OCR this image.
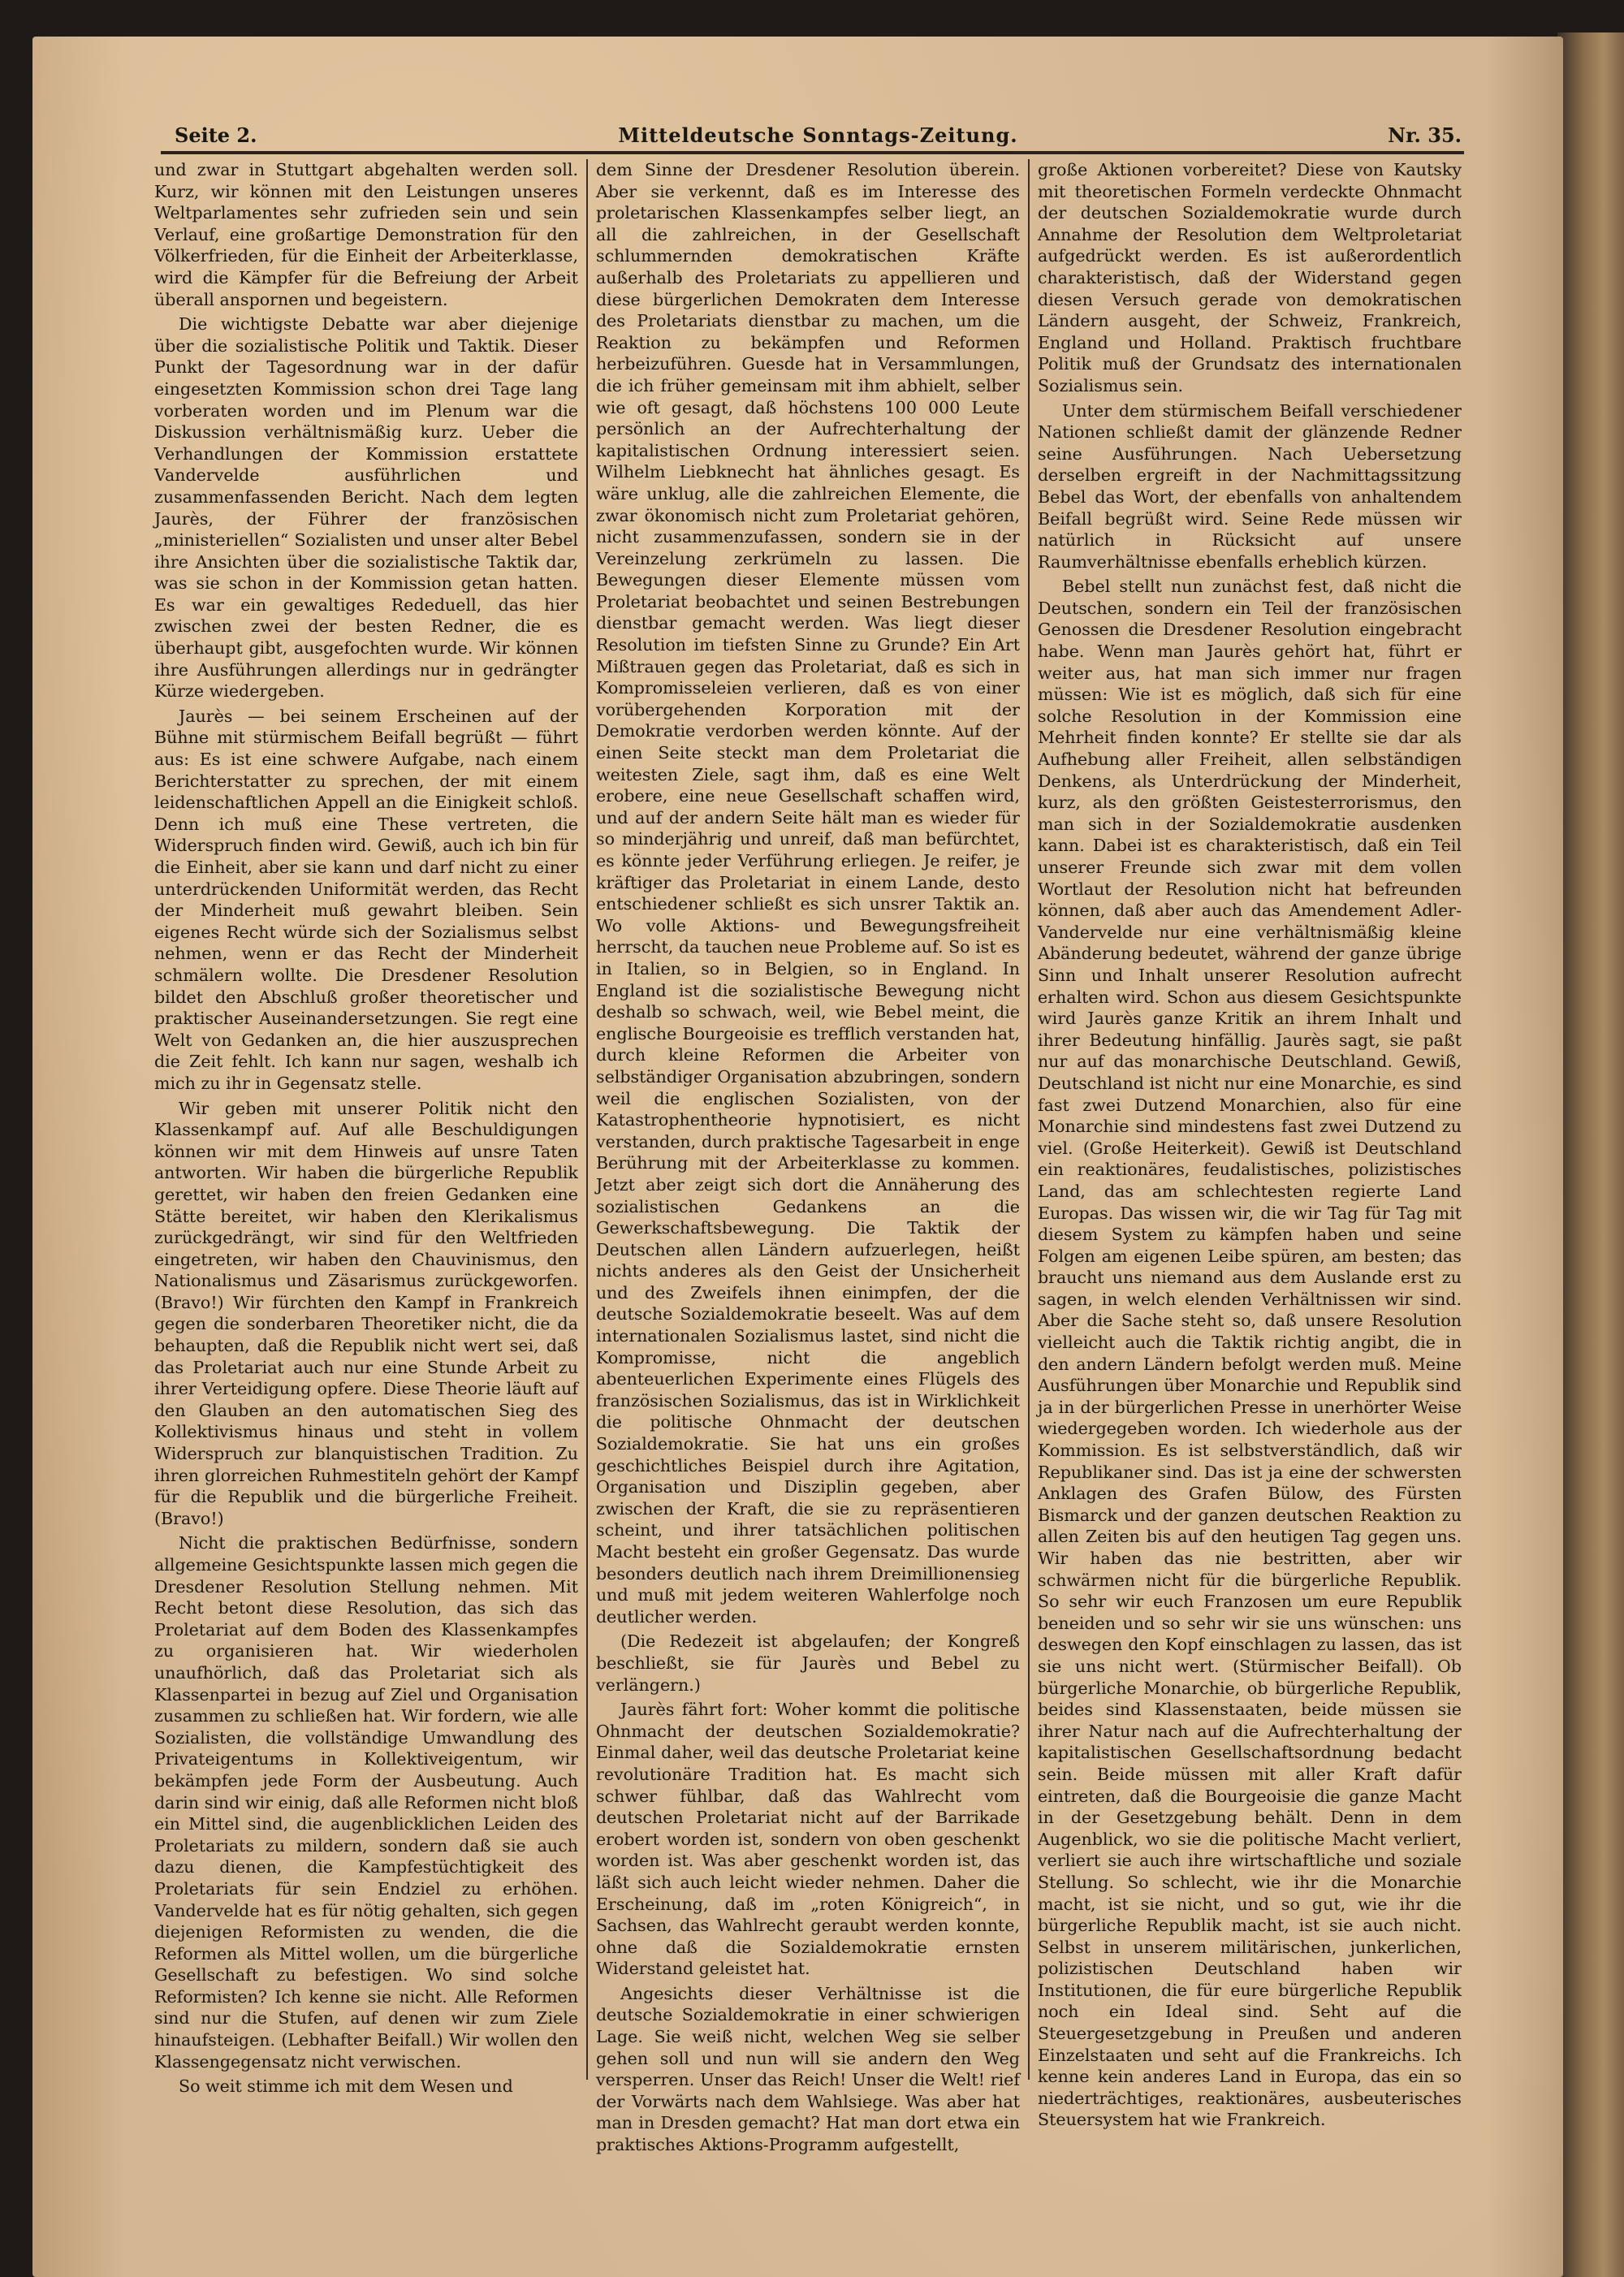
Seite 2.	Mitteldeutsche Sonntags-Zeitung.	Nr. 35.

und zwar in Stuttgart abgehalten werden soll. Kurz, wir können mit den Leistungen unseres Weltparlamentes sehr zufrieden sein und sein Verlauf, eine großartige Demonstration für den Völkerfrieden, für die Einheit der Arbeiterklasse, wird die Kämpfer für die Befreiung der Arbeit überall anspornen und begeistern.

Die wichtigste Debatte war aber diejenige über die sozialistische Politik und Taktik. Dieser Punkt der Tagesordnung war in der dafür eingesetzten Kommission schon drei Tage lang vorberaten worden und im Plenum war die Diskussion verhältnismäßig kurz. Ueber die Verhandlungen der Kommission erstattete Vandervelde ausführlichen und zusammenfassenden Bericht. Nach dem legten Jaurès, der Führer der französischen „ministeriellen“ Sozialisten und unser alter Bebel ihre Ansichten über die sozialistische Taktik dar, was sie schon in der Kommission getan hatten. Es war ein gewaltiges Rededuell, das hier zwischen zwei der besten Redner, die es überhaupt gibt, ausgefochten wurde. Wir können ihre Ausführungen allerdings nur in gedrängter Kürze wiedergeben.

Jaurès — bei seinem Erscheinen auf der Bühne mit stürmischem Beifall begrüßt — führt aus: Es ist eine schwere Aufgabe, nach einem Berichterstatter zu sprechen, der mit einem leidenschaftlichen Appell an die Einigkeit schloß. Denn ich muß eine These vertreten, die Widerspruch finden wird. Gewiß, auch ich bin für die Einheit, aber sie kann und darf nicht zu einer unterdrückenden Uniformität werden, das Recht der Minderheit muß gewahrt bleiben. Sein eigenes Recht würde sich der Sozialismus selbst nehmen, wenn er das Recht der Minderheit schmälern wollte. Die Dresdener Resolution bildet den Abschluß großer theoretischer und praktischer Auseinandersetzungen. Sie regt eine Welt von Gedanken an, die hier auszusprechen die Zeit fehlt. Ich kann nur sagen, weshalb ich mich zu ihr in Gegensatz stelle.

Wir geben mit unserer Politik nicht den Klassenkampf auf. Auf alle Beschuldigungen können wir mit dem Hinweis auf unsre Taten antworten. Wir haben die bürgerliche Republik gerettet, wir haben den freien Gedanken eine Stätte bereitet, wir haben den Klerikalismus zurückgedrängt, wir sind für den Weltfrieden eingetreten, wir haben den Chauvinismus, den Nationalismus und Zäsarismus zurückgeworfen. (Bravo!) Wir fürchten den Kampf in Frankreich gegen die sonderbaren Theoretiker nicht, die da behaupten, daß die Republik nicht wert sei, daß das Proletariat auch nur eine Stunde Arbeit zu ihrer Verteidigung opfere. Diese Theorie läuft auf den Glauben an den automatischen Sieg des Kollektivismus hinaus und steht in vollem Widerspruch zur blanquistischen Tradition. Zu ihren glorreichen Ruhmestiteln gehört der Kampf für die Republik und die bürgerliche Freiheit. (Bravo!)

Nicht die praktischen Bedürfnisse, sondern allgemeine Gesichtspunkte lassen mich gegen die Dresdener Resolution Stellung nehmen. Mit Recht betont diese Resolution, das sich das Proletariat auf dem Boden des Klassenkampfes zu organisieren hat. Wir wiederholen unaufhörlich, daß das Proletariat sich als Klassenpartei in bezug auf Ziel und Organisation zusammen zu schließen hat. Wir fordern, wie alle Sozialisten, die vollständige Umwandlung des Privateigentums in Kollektiveigentum, wir bekämpfen jede Form der Ausbeutung. Auch darin sind wir einig, daß alle Reformen nicht bloß ein Mittel sind, die augenblicklichen Leiden des Proletariats zu mildern, sondern daß sie auch dazu dienen, die Kampfestüchtigkeit des Proletariats für sein Endziel zu erhöhen. Vandervelde hat es für nötig gehalten, sich gegen diejenigen Reformisten zu wenden, die die Reformen als Mittel wollen, um die bürgerliche Gesellschaft zu befestigen. Wo sind solche Reformisten? Ich kenne sie nicht. Alle Reformen sind nur die Stufen, auf denen wir zum Ziele hinaufsteigen. (Lebhafter Beifall.) Wir wollen den Klassengegensatz nicht verwischen.

So weit stimme ich mit dem Wesen und

dem Sinne der Dresdener Resolution überein. Aber sie verkennt, daß es im Interesse des proletarischen Klassenkampfes selber liegt, an all die zahlreichen, in der Gesellschaft schlummernden demokratischen Kräfte außerhalb des Proletariats zu appellieren und diese bürgerlichen Demokraten dem Interesse des Proletariats dienstbar zu machen, um die Reaktion zu bekämpfen und Reformen herbeizuführen. Guesde hat in Versammlungen, die ich früher gemeinsam mit ihm abhielt, selber wie oft gesagt, daß höchstens 100 000 Leute persönlich an der Aufrechterhaltung der kapitalistischen Ordnung interessiert seien. Wilhelm Liebknecht hat ähnliches gesagt. Es wäre unklug, alle die zahlreichen Elemente, die zwar ökonomisch nicht zum Proletariat gehören, nicht zusammenzufassen, sondern sie in der Vereinzelung zerkrümeln zu lassen. Die Bewegungen dieser Elemente müssen vom Proletariat beobachtet und seinen Bestrebungen dienstbar gemacht werden. Was liegt dieser Resolution im tiefsten Sinne zu Grunde? Ein Art Mißtrauen gegen das Proletariat, daß es sich in Kompromisseleien verlieren, daß es von einer vorübergehenden Korporation mit der Demokratie verdorben werden könnte. Auf der einen Seite steckt man dem Proletariat die weitesten Ziele, sagt ihm, daß es eine Welt erobere, eine neue Gesellschaft schaffen wird, und auf der andern Seite hält man es wieder für so minderjährig und unreif, daß man befürchtet, es könnte jeder Verführung erliegen. Je reifer, je kräftiger das Proletariat in einem Lande, desto entschiedener schließt es sich unsrer Taktik an. Wo volle Aktions- und Bewegungsfreiheit herrscht, da tauchen neue Probleme auf. So ist es in Italien, so in Belgien, so in England. In England ist die sozialistische Bewegung nicht deshalb so schwach, weil, wie Bebel meint, die englische Bourgeoisie es trefflich verstanden hat, durch kleine Reformen die Arbeiter von selbständiger Organisation abzubringen, sondern weil die englischen Sozialisten, von der Katastrophentheorie hypnotisiert, es nicht verstanden, durch praktische Tagesarbeit in enge Berührung mit der Arbeiterklasse zu kommen. Jetzt aber zeigt sich dort die Annäherung des sozialistischen Gedankens an die Gewerkschaftsbewegung. Die Taktik der Deutschen allen Ländern aufzuerlegen, heißt nichts anderes als den Geist der Unsicherheit und des Zweifels ihnen einimpfen, der die deutsche Sozialdemokratie beseelt. Was auf dem internationalen Sozialismus lastet, sind nicht die Kompromisse, nicht die angeblich abenteuerlichen Experimente eines Flügels des französischen Sozialismus, das ist in Wirklichkeit die politische Ohnmacht der deutschen Sozialdemokratie. Sie hat uns ein großes geschichtliches Beispiel durch ihre Agitation, Organisation und Disziplin gegeben, aber zwischen der Kraft, die sie zu repräsentieren scheint, und ihrer tatsächlichen politischen Macht besteht ein großer Gegensatz. Das wurde besonders deutlich nach ihrem Dreimillionensieg und muß mit jedem weiteren Wahlerfolge noch deutlicher werden.

(Die Redezeit ist abgelaufen; der Kongreß beschließt, sie für Jaurès und Bebel zu verlängern.)

Jaurès fährt fort: Woher kommt die politische Ohnmacht der deutschen Sozialdemokratie? Einmal daher, weil das deutsche Proletariat keine revolutionäre Tradition hat. Es macht sich schwer fühlbar, daß das Wahlrecht vom deutschen Proletariat nicht auf der Barrikade erobert worden ist, sondern von oben geschenkt worden ist. Was aber geschenkt worden ist, das läßt sich auch leicht wieder nehmen. Daher die Erscheinung, daß im „roten Königreich“, in Sachsen, das Wahlrecht geraubt werden konnte, ohne daß die Sozialdemokratie ernsten Widerstand geleistet hat.

Angesichts dieser Verhältnisse ist die deutsche Sozialdemokratie in einer schwierigen Lage. Sie weiß nicht, welchen Weg sie selber gehen soll und nun will sie andern den Weg versperren. Unser das Reich! Unser die Welt! rief der Vorwärts nach dem Wahlsiege. Was aber hat man in Dresden gemacht? Hat man dort etwa ein praktisches Aktions-Programm aufgestellt,

große Aktionen vorbereitet? Diese von Kautsky mit theoretischen Formeln verdeckte Ohnmacht der deutschen Sozialdemokratie wurde durch Annahme der Resolution dem Weltproletariat aufgedrückt werden. Es ist außerordentlich charakteristisch, daß der Widerstand gegen diesen Versuch gerade von demokratischen Ländern ausgeht, der Schweiz, Frankreich, England und Holland. Praktisch fruchtbare Politik muß der Grundsatz des internationalen Sozialismus sein.

Unter dem stürmischem Beifall verschiedener Nationen schließt damit der glänzende Redner seine Ausführungen. Nach Uebersetzung derselben ergreift in der Nachmittagssitzung Bebel das Wort, der ebenfalls von anhaltendem Beifall begrüßt wird. Seine Rede müssen wir natürlich in Rücksicht auf unsere Raumverhältnisse ebenfalls erheblich kürzen.

Bebel stellt nun zunächst fest, daß nicht die Deutschen, sondern ein Teil der französischen Genossen die Dresdener Resolution eingebracht habe. Wenn man Jaurès gehört hat, führt er weiter aus, hat man sich immer nur fragen müssen: Wie ist es möglich, daß sich für eine solche Resolution in der Kommission eine Mehrheit finden konnte? Er stellte sie dar als Aufhebung aller Freiheit, allen selbständigen Denkens, als Unterdrückung der Minderheit, kurz, als den größten Geistesterrorismus, den man sich in der Sozialdemokratie ausdenken kann. Dabei ist es charakteristisch, daß ein Teil unserer Freunde sich zwar mit dem vollen Wortlaut der Resolution nicht hat befreunden können, daß aber auch das Amendement Adler-Vandervelde nur eine verhältnismäßig kleine Abänderung bedeutet, während der ganze übrige Sinn und Inhalt unserer Resolution aufrecht erhalten wird. Schon aus diesem Gesichtspunkte wird Jaurès ganze Kritik an ihrem Inhalt und ihrer Bedeutung hinfällig. Jaurès sagt, sie paßt nur auf das monarchische Deutschland. Gewiß, Deutschland ist nicht nur eine Monarchie, es sind fast zwei Dutzend Monarchien, also für eine Monarchie sind mindestens fast zwei Dutzend zu viel. (Große Heiterkeit). Gewiß ist Deutschland ein reaktionäres, feudalistisches, polizistisches Land, das am schlechtesten regierte Land Europas. Das wissen wir, die wir Tag für Tag mit diesem System zu kämpfen haben und seine Folgen am eigenen Leibe spüren, am besten; das braucht uns niemand aus dem Auslande erst zu sagen, in welch elenden Verhältnissen wir sind. Aber die Sache steht so, daß unsere Resolution vielleicht auch die Taktik richtig angibt, die in den andern Ländern befolgt werden muß. Meine Ausführungen über Monarchie und Republik sind ja in der bürgerlichen Presse in unerhörter Weise wiedergegeben worden. Ich wiederhole aus der Kommission. Es ist selbstverständlich, daß wir Republikaner sind. Das ist ja eine der schwersten Anklagen des Grafen Bülow, des Fürsten Bismarck und der ganzen deutschen Reaktion zu allen Zeiten bis auf den heutigen Tag gegen uns. Wir haben das nie bestritten, aber wir schwärmen nicht für die bürgerliche Republik. So sehr wir euch Franzosen um eure Republik beneiden und so sehr wir sie uns wünschen: uns deswegen den Kopf einschlagen zu lassen, das ist sie uns nicht wert. (Stürmischer Beifall). Ob bürgerliche Monarchie, ob bürgerliche Republik, beides sind Klassenstaaten, beide müssen sie ihrer Natur nach auf die Aufrechterhaltung der kapitalistischen Gesellschaftsordnung bedacht sein. Beide müssen mit aller Kraft dafür eintreten, daß die Bourgeoisie die ganze Macht in der Gesetzgebung behält. Denn in dem Augenblick, wo sie die politische Macht verliert, verliert sie auch ihre wirtschaftliche und soziale Stellung. So schlecht, wie ihr die Monarchie macht, ist sie nicht, und so gut, wie ihr die bürgerliche Republik macht, ist sie auch nicht. Selbst in unserem militärischen, junkerlichen, polizistischen Deutschland haben wir Institutionen, die für eure bürgerliche Republik noch ein Ideal sind. Seht auf die Steuergesetzgebung in Preußen und anderen Einzelstaaten und seht auf die Frankreichs. Ich kenne kein anderes Land in Europa, das ein so niederträchtiges, reaktionäres, ausbeuterisches Steuersystem hat wie Frankreich.
